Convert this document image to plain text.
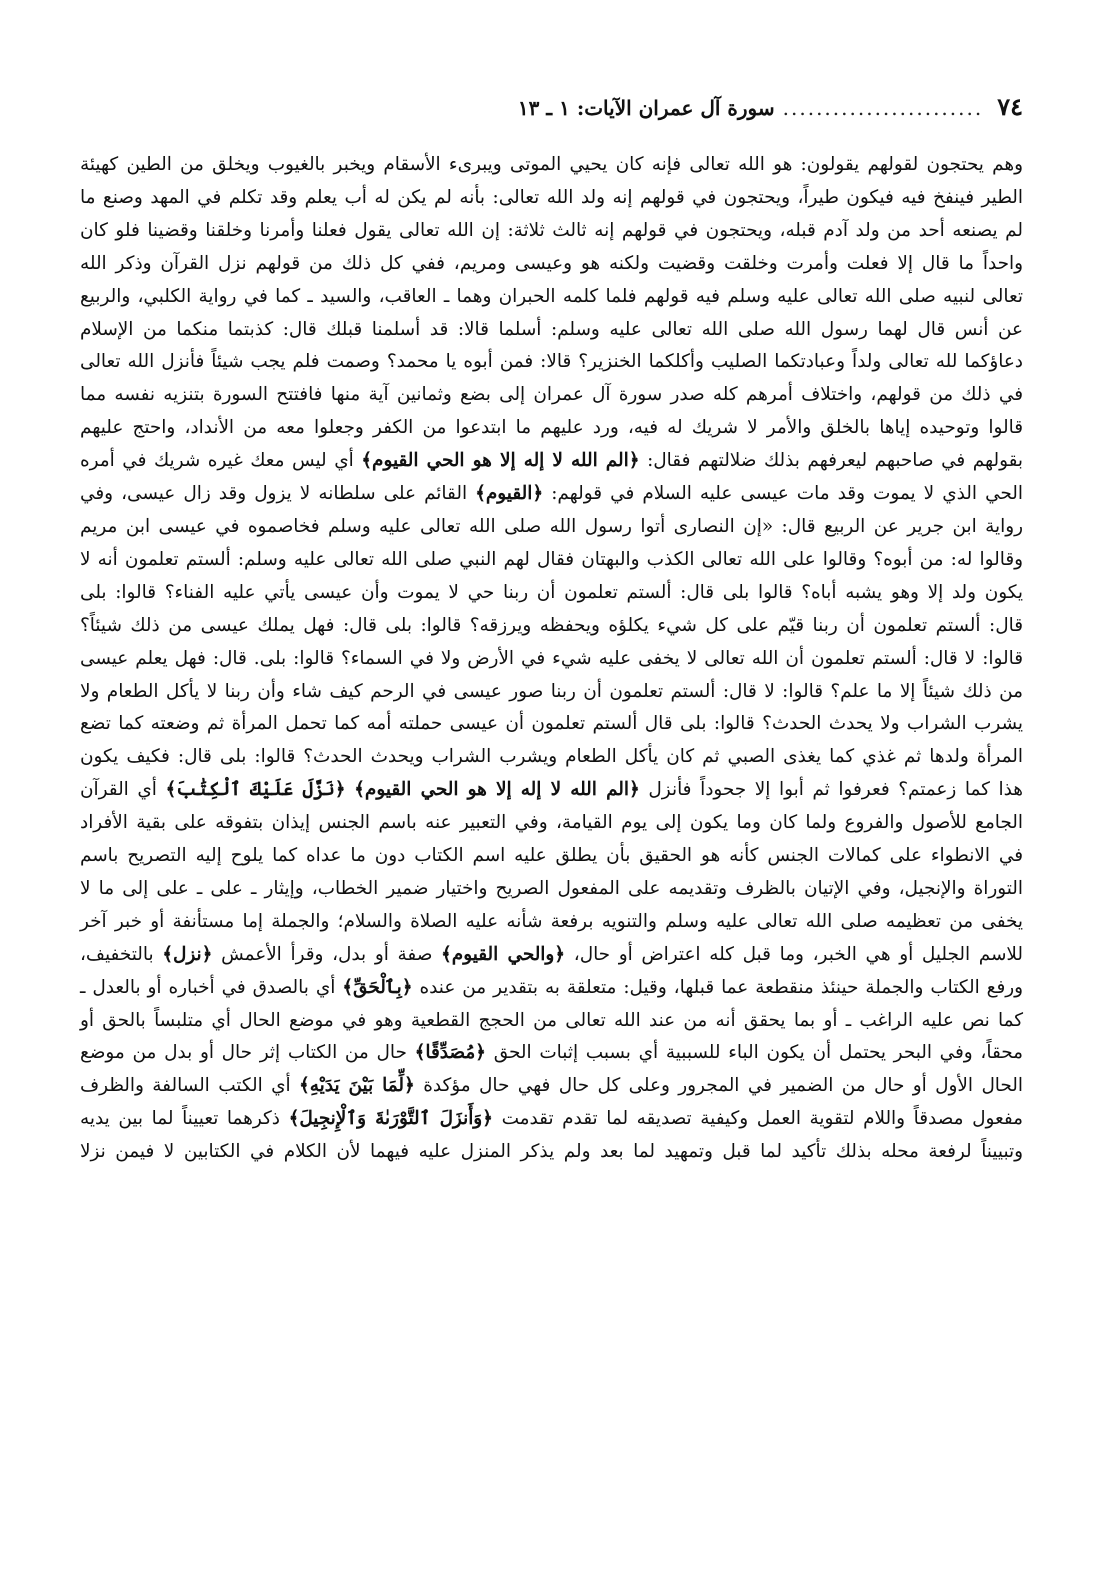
٧٤
........................
سورة آل عمران الآيات: ١ ـ ١٣

وهم يحتجون لقولهم يقولون: هو الله تعالى فإنه كان يحيي الموتى ويبرىء الأسقام ويخبر بالغيوب ويخلق من الطين كهيئة الطير فينفخ فيه فيكون طيراً، ويحتجون في قولهم إنه ولد الله تعالى: بأنه لم يكن له أب يعلم وقد تكلم في المهد وصنع ما لم يصنعه أحد من ولد آدم قبله، ويحتجون في قولهم إنه ثالث ثلاثة: إن الله تعالى يقول فعلنا وأمرنا وخلقنا وقضينا فلو كان واحداً ما قال إلا فعلت وأمرت وخلقت وقضيت ولكنه هو وعيسى ومريم، ففي كل ذلك من قولهم نزل القرآن وذكر الله تعالى لنبيه صلى الله تعالى عليه وسلم فيه قولهم فلما كلمه الحبران وهما ـ العاقب، والسيد ـ كما في رواية الكلبي، والربيع عن أنس قال لهما رسول الله صلى الله تعالى عليه وسلم: أسلما قالا: قد أسلمنا قبلك قال: كذبتما منكما من الإسلام دعاؤكما لله تعالى ولداً وعبادتكما الصليب وأكلكما الخنزير؟ قالا: فمن أبوه يا محمد؟ وصمت فلم يجب شيئاً فأنزل الله تعالى في ذلك من قولهم، واختلاف أمرهم كله صدر سورة آل عمران إلى بضع وثمانين آية منها فافتتح السورة بتنزيه نفسه مما قالوا وتوحيده إياها بالخلق والأمر لا شريك له فيه، ورد عليهم ما ابتدعوا من الكفر وجعلوا معه من الأنداد، واحتج عليهم بقولهم في صاحبهم ليعرفهم بذلك ضلالتهم فقال: ﴿الم الله لا إله إلا هو الحي القيوم﴾ أي ليس معك غيره شريك في أمره الحي الذي لا يموت وقد مات عيسى عليه السلام في قولهم: ﴿القيوم﴾ القائم على سلطانه لا يزول وقد زال عيسى، وفي رواية ابن جرير عن الربيع قال: «إن النصارى أتوا رسول الله صلى الله تعالى عليه وسلم فخاصموه في عيسى ابن مريم وقالوا له: من أبوه؟ وقالوا على الله تعالى الكذب والبهتان فقال لهم النبي صلى الله تعالى عليه وسلم: ألستم تعلمون أنه لا يكون ولد إلا وهو يشبه أباه؟ قالوا بلى قال: ألستم تعلمون أن ربنا حي لا يموت وأن عيسى يأتي عليه الفناء؟ قالوا: بلى قال: ألستم تعلمون أن ربنا قيّم على كل شيء يكلؤه ويحفظه ويرزقه؟ قالوا: بلى قال: فهل يملك عيسى من ذلك شيئاً؟ قالوا: لا قال: ألستم تعلمون أن الله تعالى لا يخفى عليه شيء في الأرض ولا في السماء؟ قالوا: بلى. قال: فهل يعلم عيسى من ذلك شيئاً إلا ما علم؟ قالوا: لا قال: ألستم تعلمون أن ربنا صور عيسى في الرحم كيف شاء وأن ربنا لا يأكل الطعام ولا يشرب الشراب ولا يحدث الحدث؟ قالوا: بلى قال ألستم تعلمون أن عيسى حملته أمه كما تحمل المرأة ثم وضعته كما تضع المرأة ولدها ثم غذي كما يغذى الصبي ثم كان يأكل الطعام ويشرب الشراب ويحدث الحدث؟ قالوا: بلى قال: فكيف يكون هذا كما زعمتم؟ فعرفوا ثم أبوا إلا جحوداً فأنزل ﴿الم الله لا إله إلا هو الحي القيوم﴾ ﴿نَزَّلَ عَلَيْكَ ٱلْكِتَٰبَ﴾ أي القرآن الجامع للأصول والفروع ولما كان وما يكون إلى يوم القيامة، وفي التعبير عنه باسم الجنس إيذان بتفوقه على بقية الأفراد في الانطواء على كمالات الجنس كأنه هو الحقيق بأن يطلق عليه اسم الكتاب دون ما عداه كما يلوح إليه التصريح باسم التوراة والإنجيل، وفي الإتيان بالظرف وتقديمه على المفعول الصريح واختيار ضمير الخطاب، وإيثار ـ على ـ على إلى ما لا يخفى من تعظيمه صلى الله تعالى عليه وسلم والتنويه برفعة شأنه عليه الصلاة والسلام؛ والجملة إما مستأنفة أو خبر آخر للاسم الجليل أو هي الخبر، وما قبل كله اعتراض أو حال، ﴿والحي القيوم﴾ صفة أو بدل، وقرأ الأعمش ﴿نزل﴾ بالتخفيف، ورفع الكتاب والجملة حينئذ منقطعة عما قبلها، وقيل: متعلقة به بتقدير من عنده ﴿بِٱلْحَقِّ﴾ أي بالصدق في أخباره أو بالعدل ـ كما نص عليه الراغب ـ أو بما يحقق أنه من عند الله تعالى من الحجج القطعية وهو في موضع الحال أي متلبساً بالحق أو محقاً، وفي البحر يحتمل أن يكون الباء للسببية أي بسبب إثبات الحق ﴿مُصَدِّقًا﴾ حال من الكتاب إثر حال أو بدل من موضع الحال الأول أو حال من الضمير في المجرور وعلى كل حال فهي حال مؤكدة ﴿لِّمَا بَيْنَ يَدَيْهِ﴾ أي الكتب السالفة والظرف مفعول مصدقاً واللام لتقوية العمل وكيفية تصديقه لما تقدم تقدمت ﴿وَأَنزَلَ ٱلتَّوْرَىٰةَ وَٱلْإِنجِيلَ﴾ ذكرهما تعييناً لما بين يديه وتبييناً لرفعة محله بذلك تأكيد لما قبل وتمهيد لما بعد ولم يذكر المنزل عليه فيهما لأن الكلام في الكتابين لا فيمن نزلا
